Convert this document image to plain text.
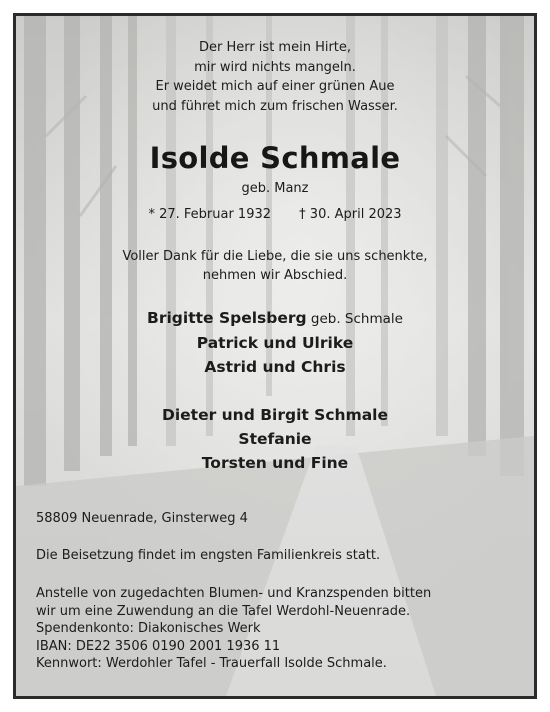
Der Herr ist mein Hirte,
mir wird nichts mangeln.
Er weidet mich auf einer grünen Aue
und führet mich zum frischen Wasser.
Isolde Schmale
geb. Manz
* 27. Februar 1932 † 30. April 2023
Voller Dank für die Liebe, die sie uns schenkte,
nehmen wir Abschied.
Brigitte Spelsberg geb. Schmale
Patrick und Ulrike
Astrid und Chris
Dieter und Birgit Schmale
Stefanie
Torsten und Fine
58809 Neuenrade, Ginsterweg 4
Die Beisetzung findet im engsten Familienkreis statt.
Anstelle von zugedachten Blumen- und Kranzspenden bitten
wir um eine Zuwendung an die Tafel Werdohl-Neuenrade.
Spendenkonto: Diakonisches Werk
IBAN: DE22 3506 0190 2001 1936 11
Kennwort: Werdohler Tafel - Trauerfall Isolde Schmale.
